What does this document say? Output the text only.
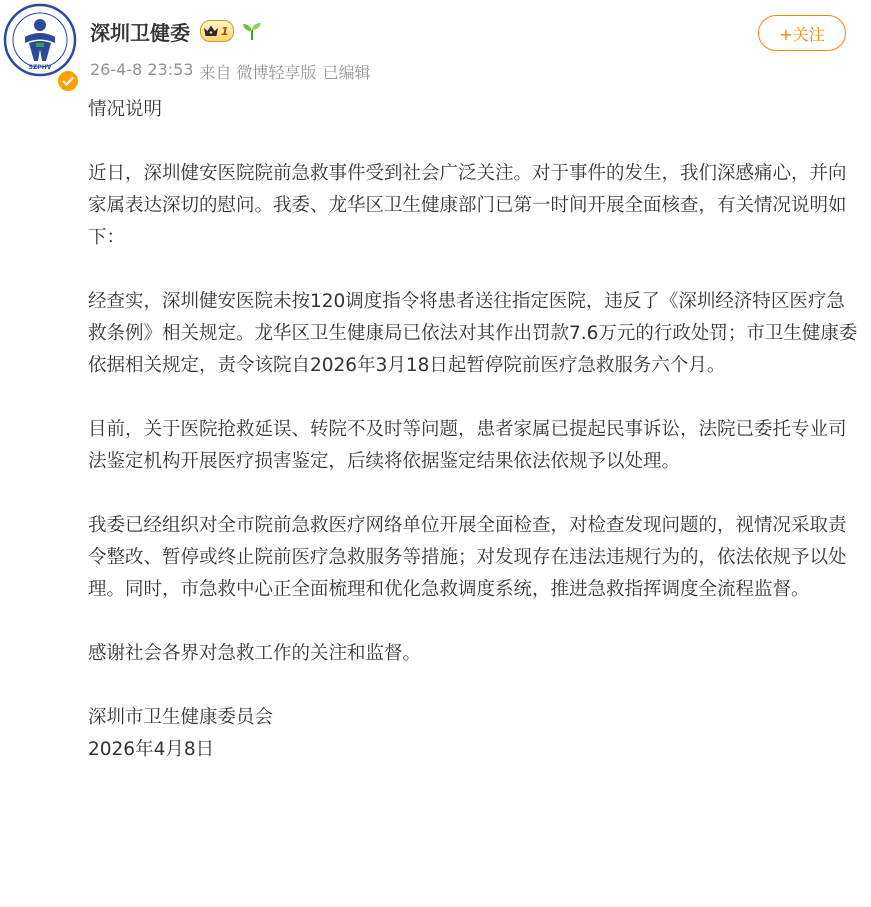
SZPHV
深圳卫健委	1
26-4-8 23:53 来自 微博轻享版 已编辑
+关注

情况说明

近日，深圳健安医院院前急救事件受到社会广泛关注。对于事件的发生，我们深感痛心，并向家属表达深切的慰问。我委、龙华区卫生健康部门已第一时间开展全面核查，有关情况说明如下：

经查实，深圳健安医院未按120调度指令将患者送往指定医院，违反了《深圳经济特区医疗急救条例》相关规定。龙华区卫生健康局已依法对其作出罚款7.6万元的行政处罚；市卫生健康委依据相关规定，责令该院自2026年3月18日起暂停院前医疗急救服务六个月。

目前，关于医院抢救延误、转院不及时等问题，患者家属已提起民事诉讼，法院已委托专业司法鉴定机构开展医疗损害鉴定，后续将依据鉴定结果依法依规予以处理。

我委已经组织对全市院前急救医疗网络单位开展全面检查，对检查发现问题的，视情况采取责令整改、暂停或终止院前医疗急救服务等措施；对发现存在违法违规行为的，依法依规予以处理。同时，市急救中心正全面梳理和优化急救调度系统，推进急救指挥调度全流程监督。

感谢社会各界对急救工作的关注和监督。

深圳市卫生健康委员会

2026年4月8日
